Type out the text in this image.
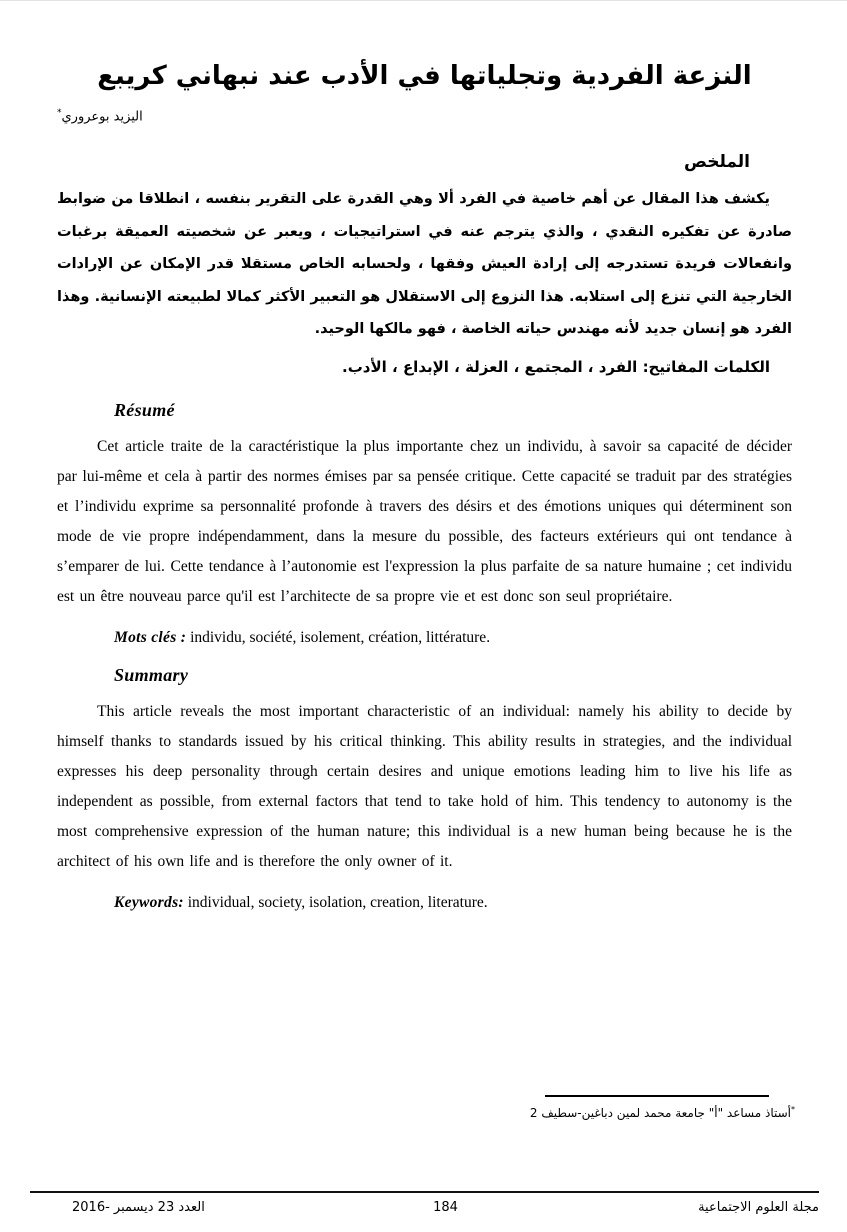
النزعة الفردية وتجلياتها في الأدب عند نبهاني كريبع
اليزيد بوعروري*
الملخص

يكشف هذا المقال عن أهم خاصية في الفرد ألا وهي القدرة على التقرير بنفسه ، انطلاقا من ضوابط صادرة عن تفكيره النقدي ، والذي يترجم عنه في استراتيجيات ، ويعبر عن شخصيته العميقة برغبات وانفعالات فريدة تستدرجه إلى إرادة العيش وفقها ، ولحسابه الخاص مستقلا قدر الإمكان عن الإرادات الخارجية التي تنزع إلى استلابه. هذا النزوع إلى الاستقلال هو التعبير الأكثر كمالا لطبيعته الإنسانية. وهذا الفرد هو إنسان جديد لأنه مهندس حياته الخاصة ، فهو مالكها الوحيد.

الكلمات المفاتيح: الفرد ، المجتمع ، العزلة ، الإبداع ، الأدب.

Résumé

Cet article traite de la caractéristique la plus importante chez un individu, à savoir sa capacité de décider par lui-même et cela à partir des normes émises par sa pensée critique. Cette capacité se traduit par des stratégies et l’individu exprime sa personnalité profonde à travers des désirs et des émotions uniques qui déterminent son mode de vie propre indépendamment, dans la mesure du possible, des facteurs extérieurs qui ont tendance à s’emparer de lui. Cette tendance à l’autonomie est l'expression la plus parfaite de sa nature humaine ; cet individu est un être nouveau parce qu'il est l’architecte de sa propre vie et est donc son seul propriétaire.

Mots clés : individu, société, isolement, création, littérature.

Summary

This article reveals the most important characteristic of an individual: namely his ability to decide by himself thanks to standards issued by his critical thinking. This ability results in strategies, and the individual expresses his deep personality through certain desires and unique emotions leading him to live his life as independent as possible, from external factors that tend to take hold of him. This tendency to autonomy is the most comprehensive expression of the human nature; this individual is a new human being because he is the architect of his own life and is therefore the only owner of it.

Keywords: individual, society, isolation, creation, literature.

*أستاذ مساعد "أ" جامعة محمد لمين دباغين-سطيف 2
العدد 23 ديسمبر -2016	184	مجلة العلوم الاجتماعية
